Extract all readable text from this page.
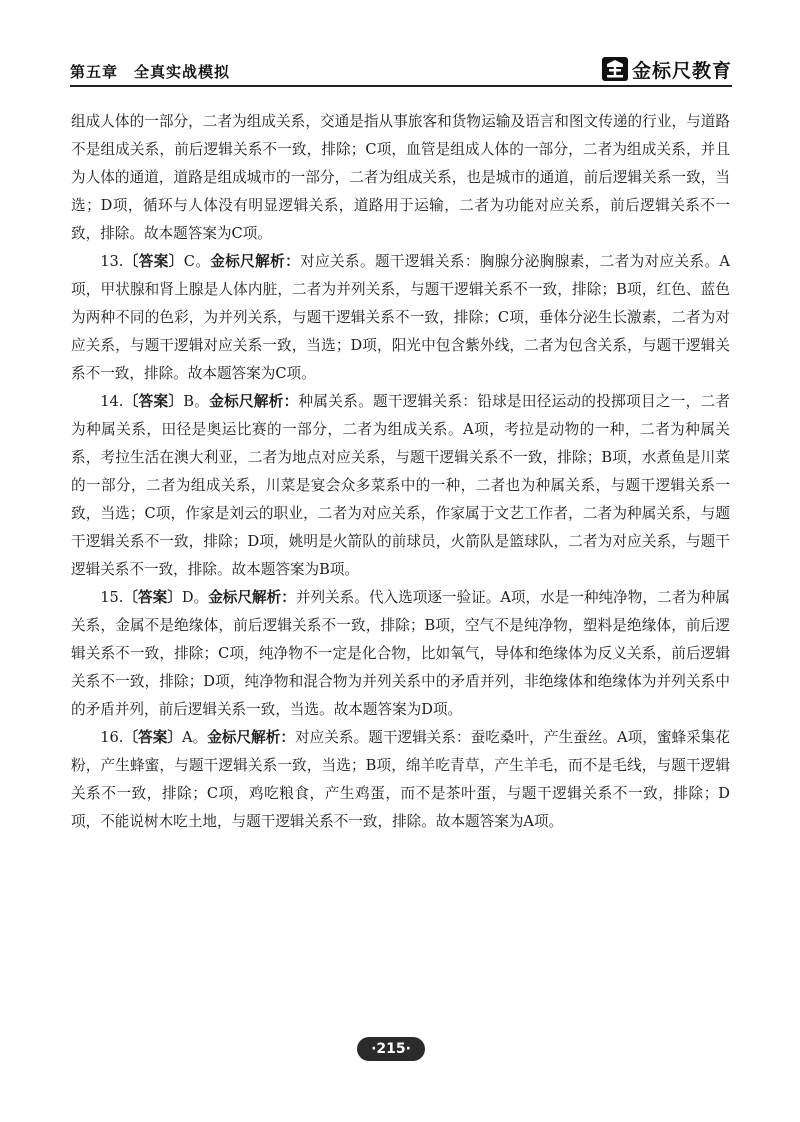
第五章　全真实战模拟	金标尺教育

组成人体的一部分，二者为组成关系，交通是指从事旅客和货物运输及语言和图文传递的行业，与道路不是组成关系，前后逻辑关系不一致，排除；C项，血管是组成人体的一部分，二者为组成关系，并且为人体的通道，道路是组成城市的一部分，二者为组成关系，也是城市的通道，前后逻辑关系一致，当选；D项，循环与人体没有明显逻辑关系，道路用于运输，二者为功能对应关系，前后逻辑关系不一致，排除。故本题答案为C项。

13.〔答案〕C。金标尺解析：对应关系。题干逻辑关系：胸腺分泌胸腺素，二者为对应关系。A项，甲状腺和肾上腺是人体内脏，二者为并列关系，与题干逻辑关系不一致，排除；B项，红色、蓝色为两种不同的色彩，为并列关系，与题干逻辑关系不一致，排除；C项，垂体分泌生长激素，二者为对应关系，与题干逻辑对应关系一致，当选；D项，阳光中包含紫外线，二者为包含关系，与题干逻辑关系不一致，排除。故本题答案为C项。

14.〔答案〕B。金标尺解析：种属关系。题干逻辑关系：铅球是田径运动的投掷项目之一，二者为种属关系，田径是奥运比赛的一部分，二者为组成关系。A项，考拉是动物的一种，二者为种属关系，考拉生活在澳大利亚，二者为地点对应关系，与题干逻辑关系不一致，排除；B项，水煮鱼是川菜的一部分，二者为组成关系，川菜是宴会众多菜系中的一种，二者也为种属关系，与题干逻辑关系一致，当选；C项，作家是刘云的职业，二者为对应关系，作家属于文艺工作者，二者为种属关系，与题干逻辑关系不一致，排除；D项，姚明是火箭队的前球员，火箭队是篮球队，二者为对应关系，与题干逻辑关系不一致，排除。故本题答案为B项。

15.〔答案〕D。金标尺解析：并列关系。代入选项逐一验证。A项，水是一种纯净物，二者为种属关系，金属不是绝缘体，前后逻辑关系不一致，排除；B项，空气不是纯净物，塑料是绝缘体，前后逻辑关系不一致，排除；C项，纯净物不一定是化合物，比如氧气，导体和绝缘体为反义关系，前后逻辑关系不一致，排除；D项，纯净物和混合物为并列关系中的矛盾并列，非绝缘体和绝缘体为并列关系中的矛盾并列，前后逻辑关系一致，当选。故本题答案为D项。

16.〔答案〕A。金标尺解析：对应关系。题干逻辑关系：蚕吃桑叶，产生蚕丝。A项，蜜蜂采集花粉，产生蜂蜜，与题干逻辑关系一致，当选；B项，绵羊吃青草，产生羊毛，而不是毛线，与题干逻辑关系不一致，排除；C项，鸡吃粮食，产生鸡蛋，而不是茶叶蛋，与题干逻辑关系不一致，排除；D项，不能说树木吃土地，与题干逻辑关系不一致，排除。故本题答案为A项。

·215·
